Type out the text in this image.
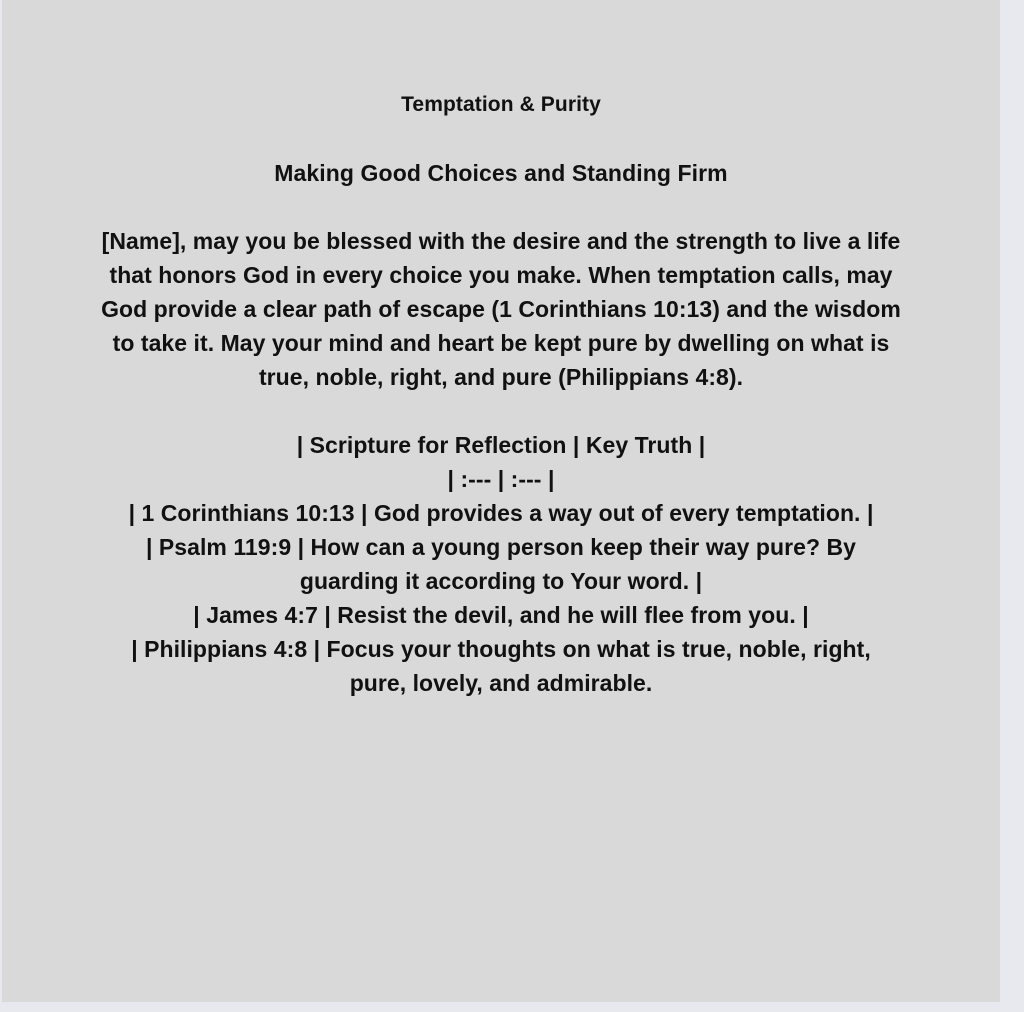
Temptation & Purity
Making Good Choices and Standing Firm
[Name], may you be blessed with the desire and the strength to live a life that honors God in every choice you make. When temptation calls, may God provide a clear path of escape (1 Corinthians 10:13) and the wisdom to take it. May your mind and heart be kept pure by dwelling on what is true, noble, right, and pure (Philippians 4:8).
| Scripture for Reflection | Key Truth |
| :--- | :--- |
| 1 Corinthians 10:13 | God provides a way out of every temptation. |
| Psalm 119:9 | How can a young person keep their way pure? By guarding it according to Your word. |
| James 4:7 | Resist the devil, and he will flee from you. |
| Philippians 4:8 | Focus your thoughts on what is true, noble, right, pure, lovely, and admirable.
